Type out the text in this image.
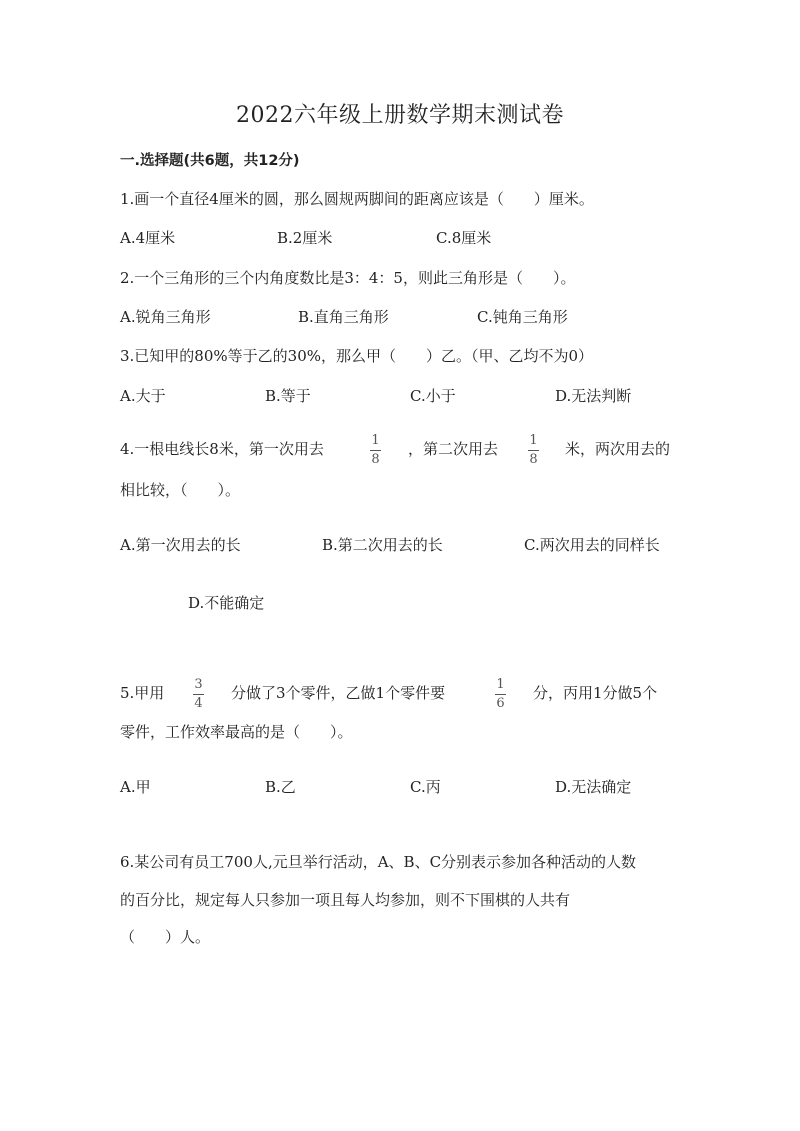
2022六年级上册数学期末测试卷
一.选择题(共6题，共12分)
1.画一个直径4厘米的圆，那么圆规两脚间的距离应该是（　　）厘米。
A.4厘米	B.2厘米	C.8厘米
2.一个三角形的三个内角度数比是3：4：5，则此三角形是（　　）。
A.锐角三角形	B.直角三角形	C.钝角三角形
3.已知甲的80%等于乙的30%，那么甲（　　）乙。（甲、乙均不为0）
A.大于	B.等于	C.小于	D.无法判断
4.一根电线长8米，第一次用去	1
8
，第二次用去 1
8
米，两次用去的
相比较，（　　）。
A.第一次用去的长	B.第二次用去的长	C.两次用去的同样长
D.不能确定
5.甲用 3
4
分做了3个零件，乙做1个零件要	1
6
分，丙用1分做5个
零件，工作效率最高的是（　　）。
A.甲	B.乙	C.丙	D.无法确定
6.某公司有员工700人,元旦举行活动，A、B、C分别表示参加各种活动的人数
的百分比，规定每人只参加一项且每人均参加，则不下围棋的人共有
（　　）人。
